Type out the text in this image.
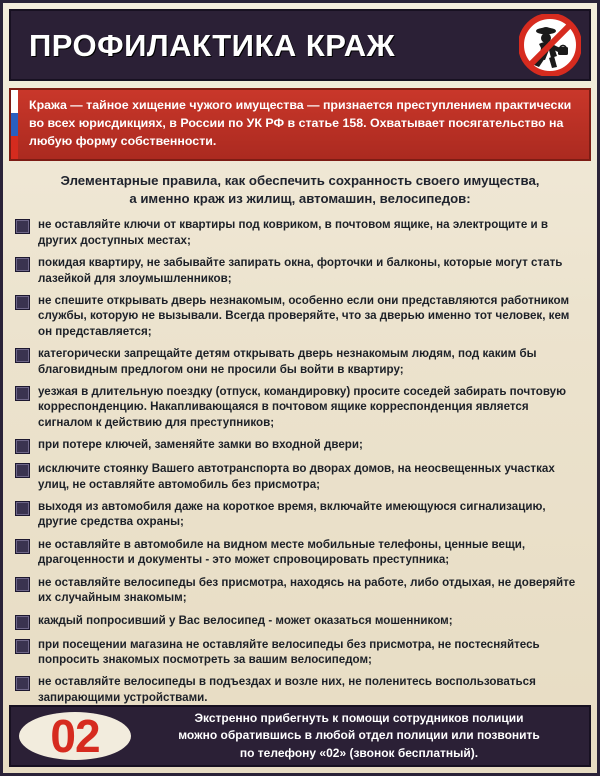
ПРОФИЛАКТИКА КРАЖ
Кража — тайное хищение чужого имущества — признается преступлением практически во всех юрисдикциях, в России по УК РФ в статье 158. Охватывает посягательство на любую форму собственности.
Элементарные правила, как обеспечить сохранность своего имущества,
а именно краж из жилищ, автомашин, велосипедов:
не оставляйте ключи от квартиры под ковриком, в почтовом ящике, на электрощите и в других доступных местах;
покидая квартиру, не забывайте запирать окна, форточки и балконы, которые могут стать лазейкой для злоумышленников;
не спешите открывать дверь незнакомым, особенно если они представляются работником службы, которую не вызывали. Всегда проверяйте, что за дверью именно тот человек, кем он представляется;
категорически запрещайте детям открывать дверь незнакомым людям, под каким бы благовидным предлогом они не просили бы войти в квартиру;
уезжая в длительную поездку (отпуск, командировку) просите соседей забирать почтовую корреспонденцию. Накапливающаяся в почтовом ящике корреспонденция является сигналом к действию для преступников;
при потере ключей, заменяйте замки во входной двери;
исключите стоянку Вашего автотранспорта во дворах домов, на неосвещенных участках улиц, не оставляйте автомобиль без присмотра;
выходя из автомобиля даже на короткое время, включайте имеющуюся сигнализацию, другие средства охраны;
не оставляйте в автомобиле на видном месте мобильные телефоны, ценные вещи, драгоценности и документы - это может спровоцировать преступника;
не оставляйте велосипеды без присмотра, находясь на работе, либо отдыхая, не доверяйте их случайным знакомым;
каждый попросивший у Вас велосипед - может оказаться мошенником;
при посещении магазина не оставляйте велосипеды без присмотра, не постесняйтесь попросить знакомых посмотреть за вашим велосипедом;
не оставляйте велосипеды в подъездах и возле них, не поленитесь воспользоваться запирающими устройствами.
02	Экстренно прибегнуть к помощи сотрудников полиции
можно обратившись в любой отдел полиции или позвонить
по телефону «02» (звонок бесплатный).
